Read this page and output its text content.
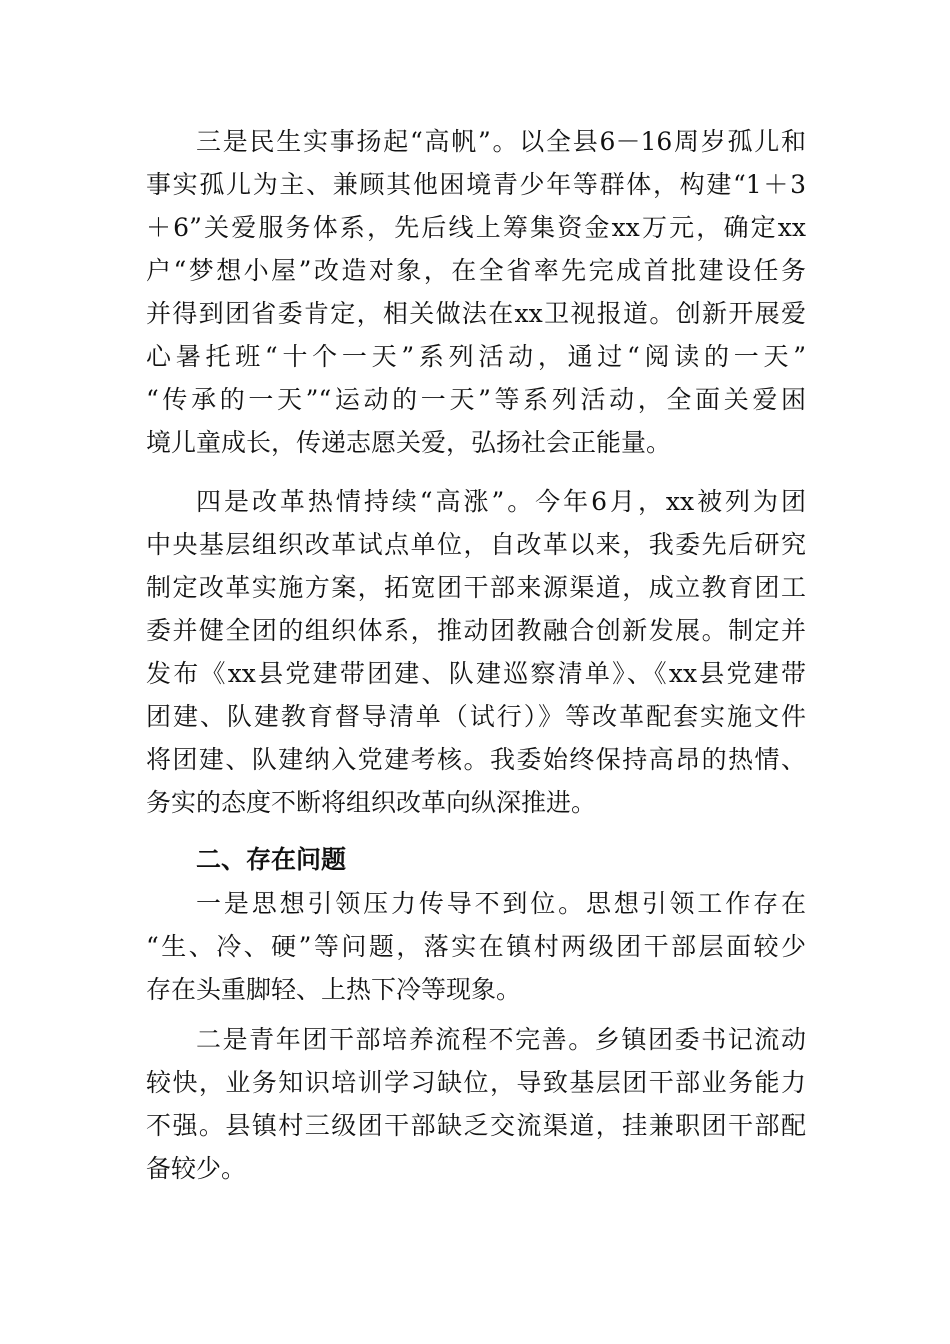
三是民生实事扬起“高帆”。以全县6－16周岁孤儿和
事实孤儿为主、兼顾其他困境青少年等群体，构建“1＋3
＋6”关爱服务体系，先后线上筹集资金xx万元，确定xx
户“梦想小屋”改造对象，在全省率先完成首批建设任务
并得到团省委肯定，相关做法在xx卫视报道。创新开展爱
心暑托班“十个一天”系列活动，通过“阅读的一天”
“传承的一天”“运动的一天”等系列活动，全面关爱困
境儿童成长，传递志愿关爱，弘扬社会正能量。
四是改革热情持续“高涨”。今年6月，xx被列为团
中央基层组织改革试点单位，自改革以来，我委先后研究
制定改革实施方案，拓宽团干部来源渠道，成立教育团工
委并健全团的组织体系，推动团教融合创新发展。制定并
发布《xx县党建带团建、队建巡察清单》、《xx县党建带
团建、队建教育督导清单（试行）》等改革配套实施文件
将团建、队建纳入党建考核。我委始终保持高昂的热情、
务实的态度不断将组织改革向纵深推进。
二、存在问题
一是思想引领压力传导不到位。思想引领工作存在
“生、冷、硬”等问题，落实在镇村两级团干部层面较少
存在头重脚轻、上热下冷等现象。
二是青年团干部培养流程不完善。乡镇团委书记流动
较快，业务知识培训学习缺位，导致基层团干部业务能力
不强。县镇村三级团干部缺乏交流渠道，挂兼职团干部配
备较少。
